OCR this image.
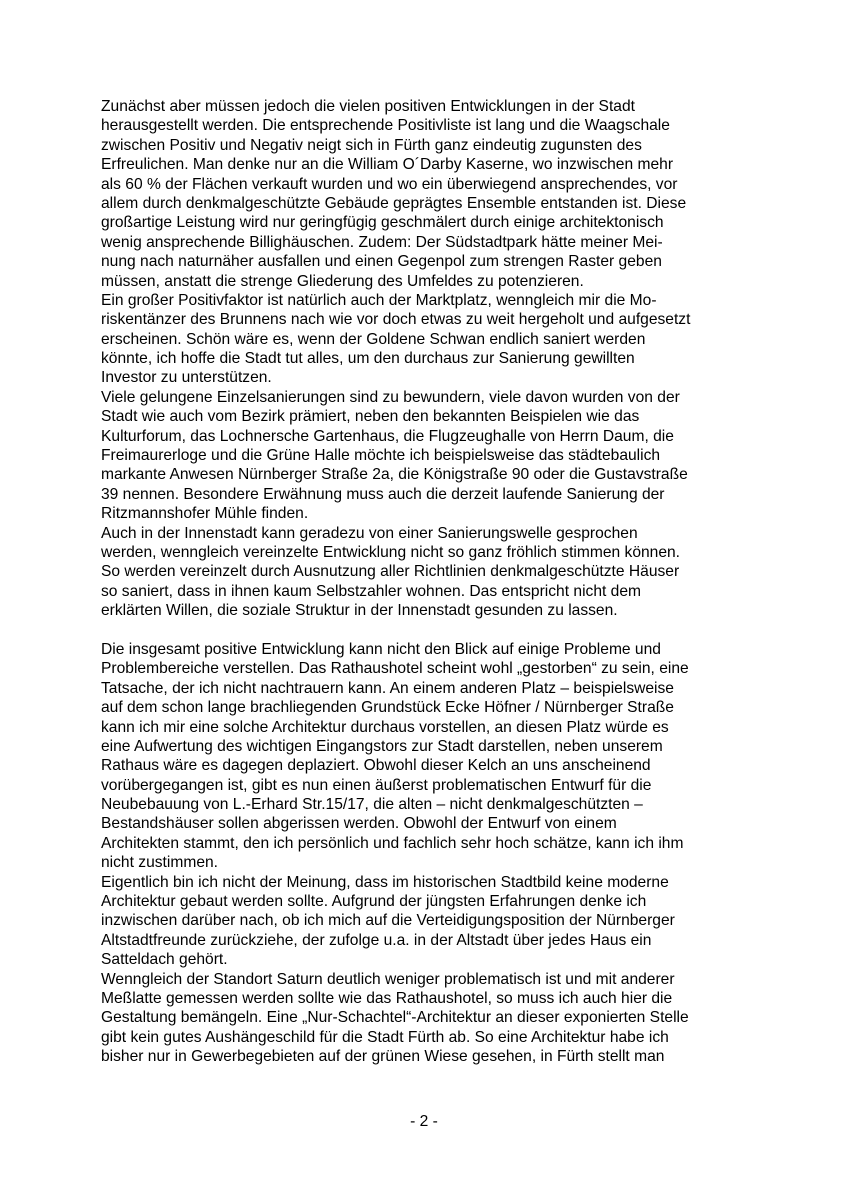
Zunächst aber müssen jedoch die vielen positiven Entwicklungen in der Stadt
herausgestellt werden. Die entsprechende Positivliste ist lang und die Waagschale
zwischen Positiv und Negativ neigt sich in Fürth ganz eindeutig zugunsten des
Erfreulichen. Man denke nur an die William O´Darby Kaserne, wo inzwischen mehr
als 60 % der Flächen verkauft wurden und wo ein überwiegend ansprechendes, vor
allem durch denkmalgeschützte Gebäude geprägtes Ensemble entstanden ist. Diese
großartige Leistung wird nur geringfügig geschmälert durch einige architektonisch
wenig ansprechende Billighäuschen. Zudem: Der Südstadtpark hätte meiner Mei-
nung nach naturnäher ausfallen und einen Gegenpol zum strengen Raster geben
müssen, anstatt die strenge Gliederung des Umfeldes zu potenzieren.
Ein großer Positivfaktor ist natürlich auch der Marktplatz, wenngleich mir die Mo-
riskentänzer des Brunnens nach wie vor doch etwas zu weit hergeholt und aufgesetzt
erscheinen. Schön wäre es, wenn der Goldene Schwan endlich saniert werden
könnte, ich hoffe die Stadt tut alles, um den durchaus zur Sanierung gewillten
Investor zu unterstützen.
Viele gelungene Einzelsanierungen sind zu bewundern, viele davon wurden von der
Stadt wie auch vom Bezirk prämiert, neben den bekannten Beispielen wie das
Kulturforum, das Lochnersche Gartenhaus, die Flugzeughalle von Herrn Daum, die
Freimaurerloge und die Grüne Halle möchte ich beispielsweise das städtebaulich
markante Anwesen Nürnberger Straße 2a, die Königstraße 90 oder die Gustavstraße
39 nennen. Besondere Erwähnung muss auch die derzeit laufende Sanierung der
Ritzmannshofer Mühle finden.
Auch in der Innenstadt kann geradezu von einer Sanierungswelle gesprochen
werden, wenngleich vereinzelte Entwicklung nicht so ganz fröhlich stimmen können.
So werden vereinzelt durch Ausnutzung aller Richtlinien denkmalgeschützte Häuser
so saniert, dass in ihnen kaum Selbstzahler wohnen. Das entspricht nicht dem
erklärten Willen, die soziale Struktur in der Innenstadt gesunden zu lassen.
Die insgesamt positive Entwicklung kann nicht den Blick auf einige Probleme und
Problembereiche verstellen. Das Rathaushotel scheint wohl „gestorben“ zu sein, eine
Tatsache, der ich nicht nachtrauern kann. An einem anderen Platz – beispielsweise
auf dem schon lange brachliegenden Grundstück Ecke Höfner / Nürnberger Straße
kann ich mir eine solche Architektur durchaus vorstellen, an diesen Platz würde es
eine Aufwertung des wichtigen Eingangstors zur Stadt darstellen, neben unserem
Rathaus wäre es dagegen deplaziert. Obwohl dieser Kelch an uns anscheinend
vorübergegangen ist, gibt es nun einen äußerst problematischen Entwurf für die
Neubebauung von L.-Erhard Str.15/17, die alten – nicht denkmalgeschützten –
Bestandshäuser sollen abgerissen werden. Obwohl der Entwurf von einem
Architekten stammt, den ich persönlich und fachlich sehr hoch schätze, kann ich ihm
nicht zustimmen.
Eigentlich bin ich nicht der Meinung, dass im historischen Stadtbild keine moderne
Architektur gebaut werden sollte. Aufgrund der jüngsten Erfahrungen denke ich
inzwischen darüber nach, ob ich mich auf die Verteidigungsposition der Nürnberger
Altstadtfreunde zurückziehe, der zufolge u.a. in der Altstadt über jedes Haus ein
Satteldach gehört.
Wenngleich der Standort Saturn deutlich weniger problematisch ist und mit anderer
Meßlatte gemessen werden sollte wie das Rathaushotel, so muss ich auch hier die
Gestaltung bemängeln. Eine „Nur-Schachtel“-Architektur an dieser exponierten Stelle
gibt kein gutes Aushängeschild für die Stadt Fürth ab. So eine Architektur habe ich
bisher nur in Gewerbegebieten auf der grünen Wiese gesehen, in Fürth stellt man
- 2 -
